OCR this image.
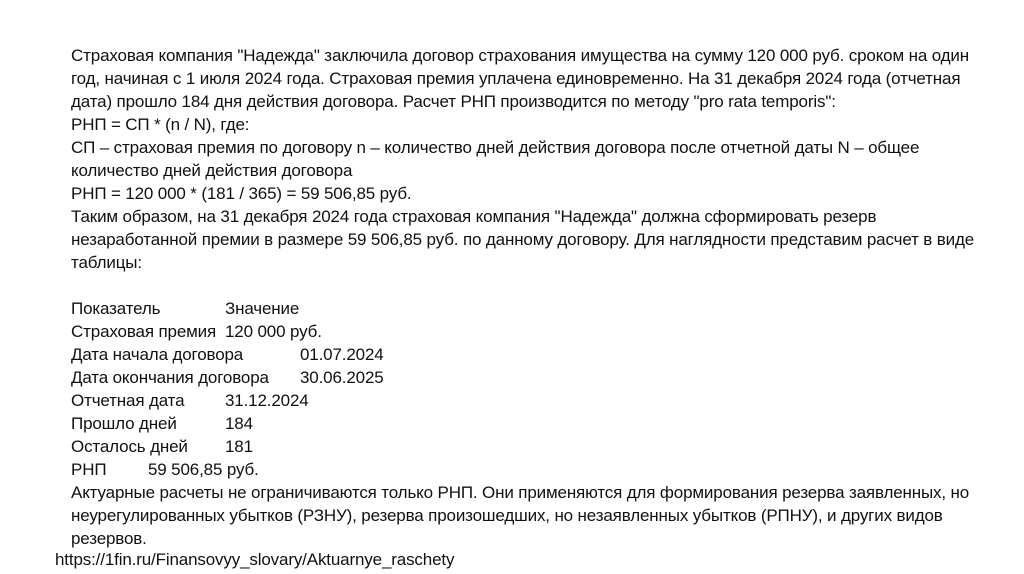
Страховая компания "Надежда" заключила договор страхования имущества на сумму 120 000 руб. сроком на один год, начиная с 1 июля 2024 года. Страховая премия уплачена единовременно. На 31 декабря 2024 года (отчетная дата) прошло 184 дня действия договора. Расчет РНП производится по методу "pro rata temporis":

РНП = СП * (n / N), где:

СП – страховая премия по договору n – количество дней действия договора после отчетной даты N – общее количество дней действия договора

РНП = 120 000 * (181 / 365) = 59 506,85 руб.

Таким образом, на 31 декабря 2024 года страховая компания "Надежда" должна сформировать резерв незаработанной премии в размере 59 506,85 руб. по данному договору. Для наглядности представим расчет в виде таблицы:

Показатель	Значение
Страховая премия 120 000 руб.
Дата начала договора	01.07.2024
Дата окончания договора 30.06.2025
Отчетная дата 31.12.2024
Прошло дней	184
Осталось дней 181
РНП 59 506,85 руб.

Актуарные расчеты не ограничиваются только РНП. Они применяются для формирования резерва заявленных, но неурегулированных убытков (РЗНУ), резерва произошедших, но незаявленных убытков (РПНУ), и других видов резервов.

https://1fin.ru/Finansovyy_slovary/Aktuarnye_raschety
